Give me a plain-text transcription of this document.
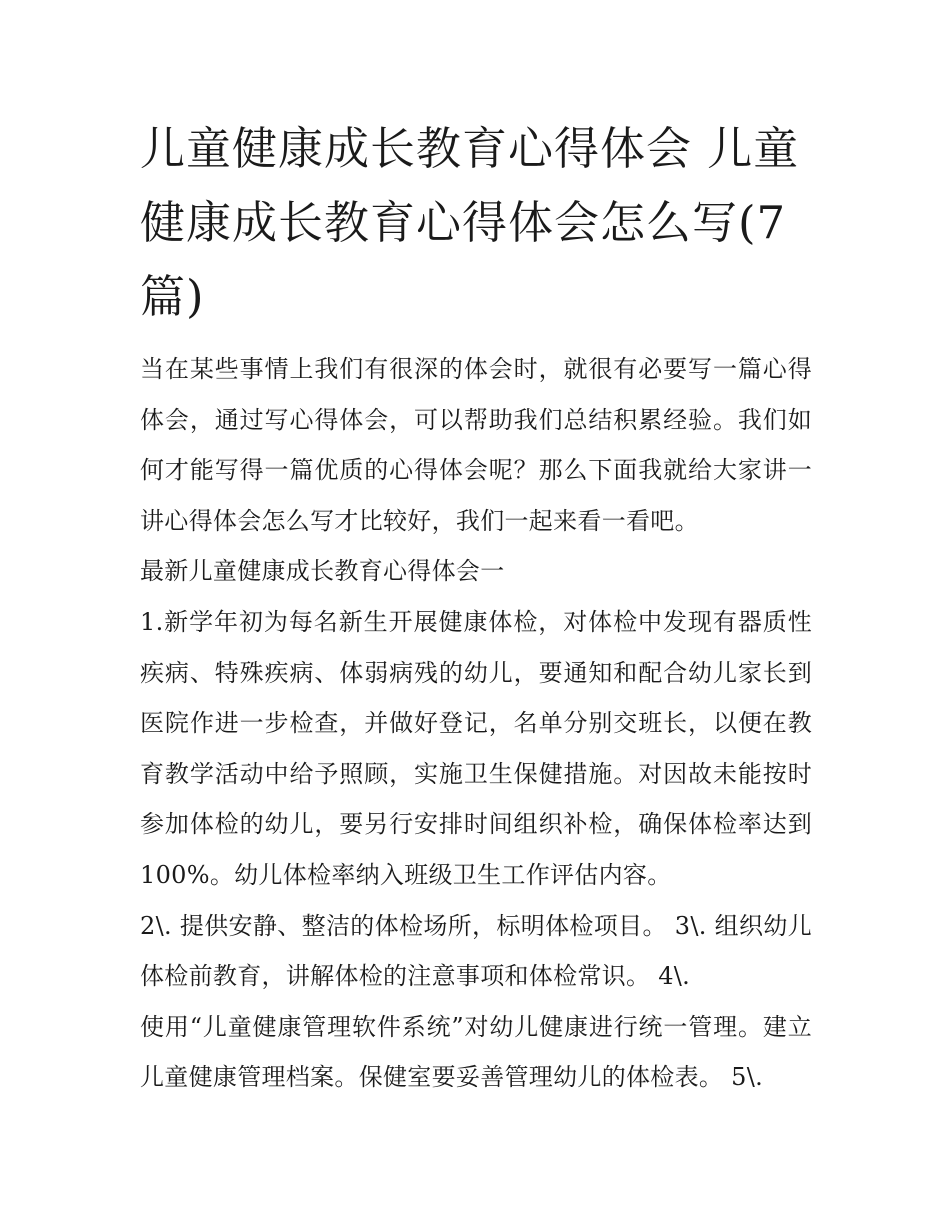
儿童健康成长教育心得体会 儿童健康成长教育心得体会怎么写(7篇)

当在某些事情上我们有很深的体会时，就很有必要写一篇心得体会，通过写心得体会，可以帮助我们总结积累经验。我们如何才能写得一篇优质的心得体会呢？那么下面我就给大家讲一讲心得体会怎么写才比较好，我们一起来看一看吧。

最新儿童健康成长教育心得体会一

1.新学年初为每名新生开展健康体检，对体检中发现有器质性疾病、特殊疾病、体弱病残的幼儿，要通知和配合幼儿家长到医院作进一步检查，并做好登记，名单分别交班长，以便在教育教学活动中给予照顾，实施卫生保健措施。对因故未能按时参加体检的幼儿，要另行安排时间组织补检，确保体检率达到100%。幼儿体检率纳入班级卫生工作评估内容。

2\. 提供安静、整洁的体检场所，标明体检项目。 3\. 组织幼儿体检前教育，讲解体检的注意事项和体检常识。 4\.

使用“儿童健康管理软件系统”对幼儿健康进行统一管理。建立儿童健康管理档案。保健室要妥善管理幼儿的体检表。 5\.
